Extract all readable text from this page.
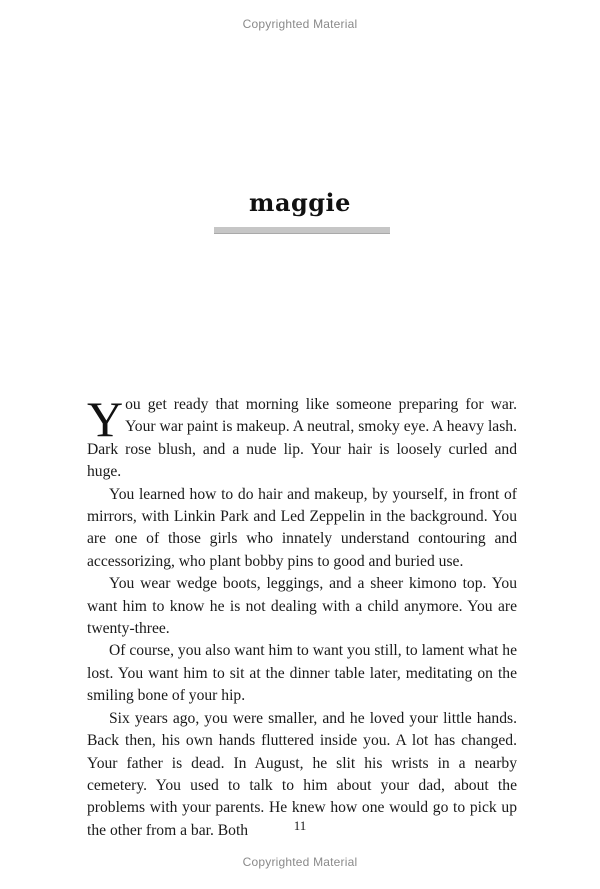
Copyrighted Material
maggie

You get ready that morning like someone preparing for war. Your war paint is makeup. A neutral, smoky eye. A heavy lash. Dark rose blush, and a nude lip. Your hair is loosely curled and huge.

You learned how to do hair and makeup, by yourself, in front of mirrors, with Linkin Park and Led Zeppelin in the background. You are one of those girls who innately understand contouring and accessorizing, who plant bobby pins to good and buried use.

You wear wedge boots, leggings, and a sheer kimono top. You want him to know he is not dealing with a child anymore. You are twenty-three.

Of course, you also want him to want you still, to lament what he lost. You want him to sit at the dinner table later, meditating on the smiling bone of your hip.

Six years ago, you were smaller, and he loved your little hands. Back then, his own hands fluttered inside you. A lot has changed. Your father is dead. In August, he slit his wrists in a nearby cemetery. You used to talk to him about your dad, about the problems with your parents. He knew how one would go to pick up the other from a bar. Both	11
Copyrighted Material
